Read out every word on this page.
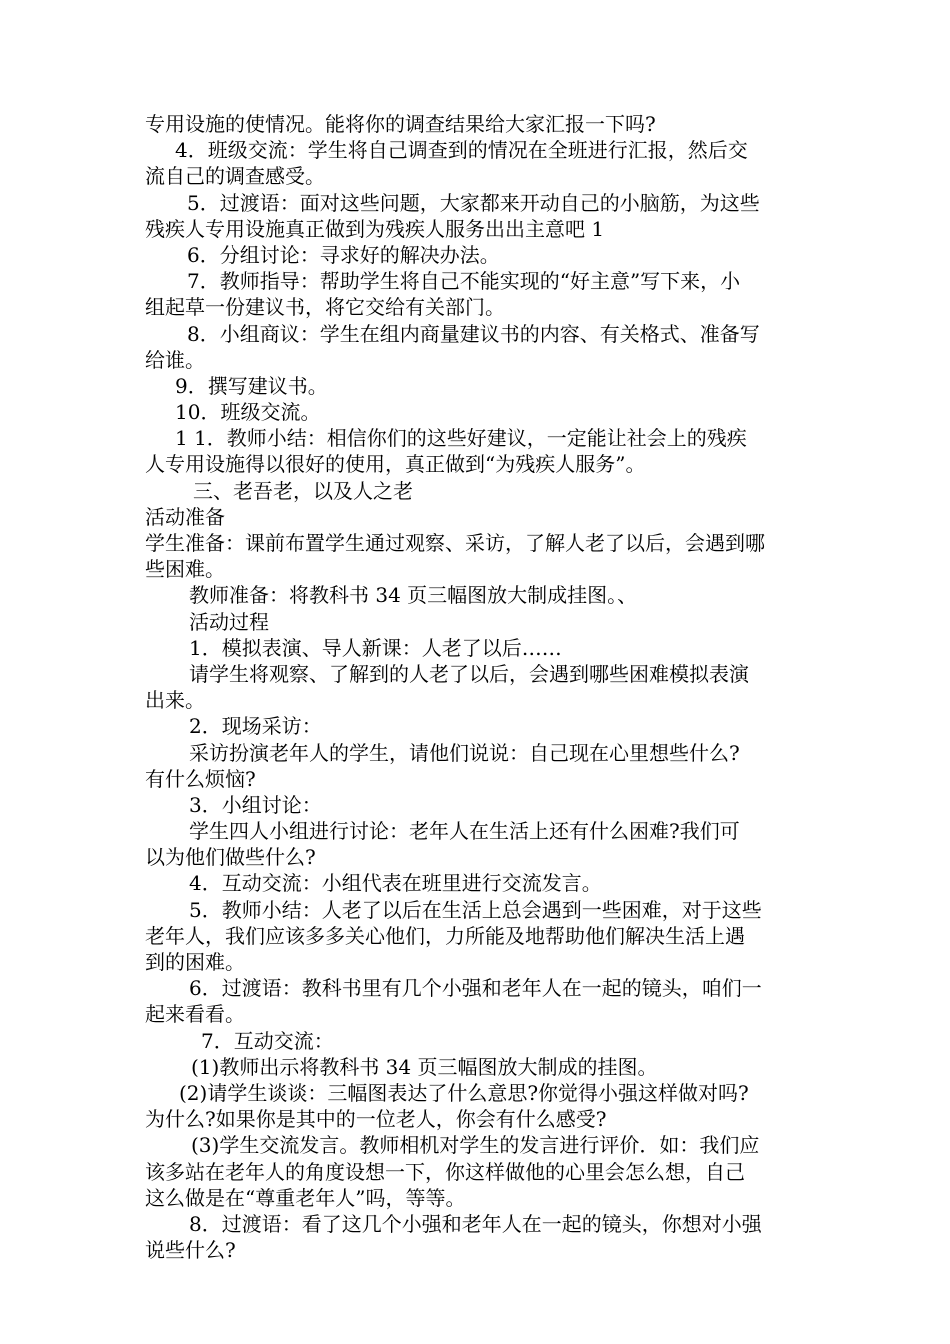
专用设施的使情况。能将你的调查结果给大家汇报一下吗?
4．班级交流：学生将自己调查到的情况在全班进行汇报，然后交
流自己的调查感受。
5．过渡语：面对这些问题，大家都来开动自己的小脑筋，为这些
残疾人专用设施真正做到为残疾人服务出出主意吧 1
6．分组讨论：寻求好的解决办法。
7．教师指导：帮助学生将自己不能实现的“好主意”写下来，小
组起草一份建议书，将它交给有关部门。
8．小组商议：学生在组内商量建议书的内容、有关格式、准备写
给谁。
9．撰写建议书。
10．班级交流。
1 1．教师小结：相信你们的这些好建议，一定能让社会上的残疾
人专用设施得以很好的使用，真正做到“为残疾人服务”。
三、老吾老，以及人之老
活动准备
学生准备：课前布置学生通过观察、采访，了解人老了以后，会遇到哪
些困难。
教师准备：将教科书 34 页三幅图放大制成挂图。、
活动过程
1．模拟表演、导人新课：人老了以后……
请学生将观察、了解到的人老了以后，会遇到哪些困难模拟表演
出来。
2．现场采访：
采访扮演老年人的学生，请他们说说：自己现在心里想些什么?
有什么烦恼?
3．小组讨论：
学生四人小组进行讨论：老年人在生活上还有什么困难?我们可
以为他们做些什么?
4．互动交流：小组代表在班里进行交流发言。
5．教师小结：人老了以后在生活上总会遇到一些困难，对于这些
老年人，我们应该多多关心他们，力所能及地帮助他们解决生活上遇
到的困难。
6．过渡语：教科书里有几个小强和老年人在一起的镜头，咱们一
起来看看。
7．互动交流：
(1)教师出示将教科书 34 页三幅图放大制成的挂图。
(2)请学生谈谈：三幅图表达了什么意思?你觉得小强这样做对吗?
为什么?如果你是其中的一位老人，你会有什么感受?
(3)学生交流发言。教师相机对学生的发言进行评价．如：我们应
该多站在老年人的角度设想一下，你这样做他的心里会怎么想，自己
这么做是在“尊重老年人”吗，等等。
8．过渡语：看了这几个小强和老年人在一起的镜头，你想对小强
说些什么?
